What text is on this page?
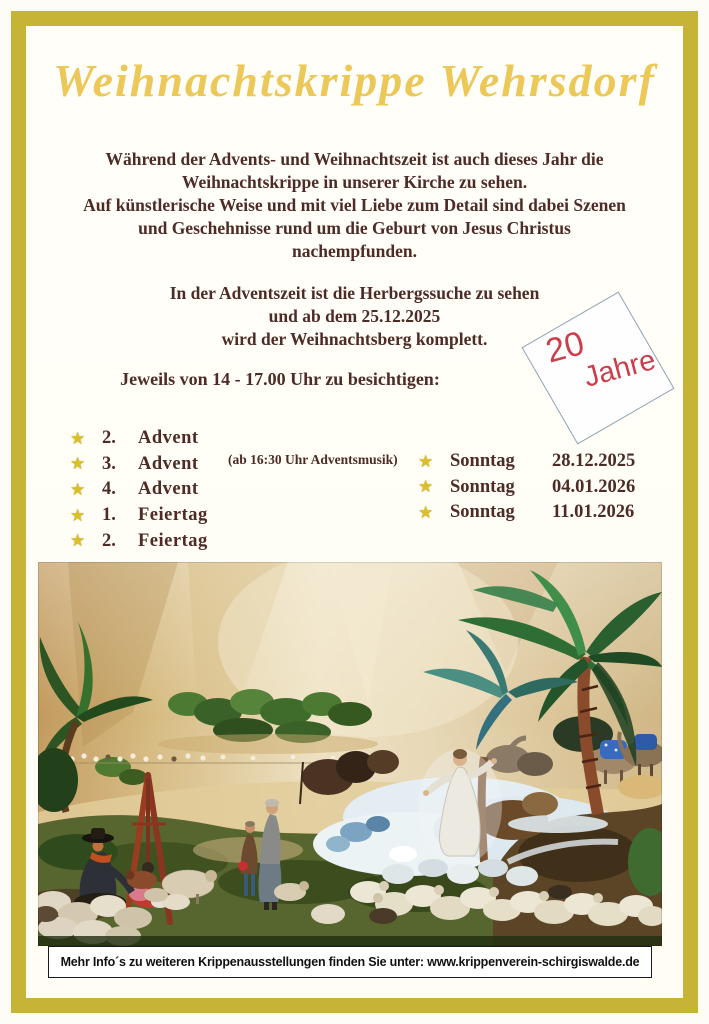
Weihnachtskrippe Wehrsdorf
Während der Advents- und Weihnachtszeit ist auch dieses Jahr die
Weihnachtskrippe in unserer Kirche zu sehen.
Auf künstlerische Weise und mit viel Liebe zum Detail sind dabei Szenen
und Geschehnisse rund um die Geburt von Jesus Christus
nachempfunden.
In der Adventszeit ist die Herbergssuche zu sehen
und ab dem 25.12.2025
wird der Weihnachtsberg komplett.
Jeweils von 14 - 17.00 Uhr zu besichtigen:
20
Jahre
★ 2.	Advent
★ 3.	Advent
★ 4.	Advent
★ 1.	Feiertag
★ 2.	Feiertag
(ab 16:30 Uhr Adventsmusik) ★ Sonntag	28.12.2025
★ Sonntag	04.01.2026
★ Sonntag	11.01.2026
Mehr Info´s zu weiteren Krippenausstellungen finden Sie unter: www.krippenverein-schirgiswalde.de
